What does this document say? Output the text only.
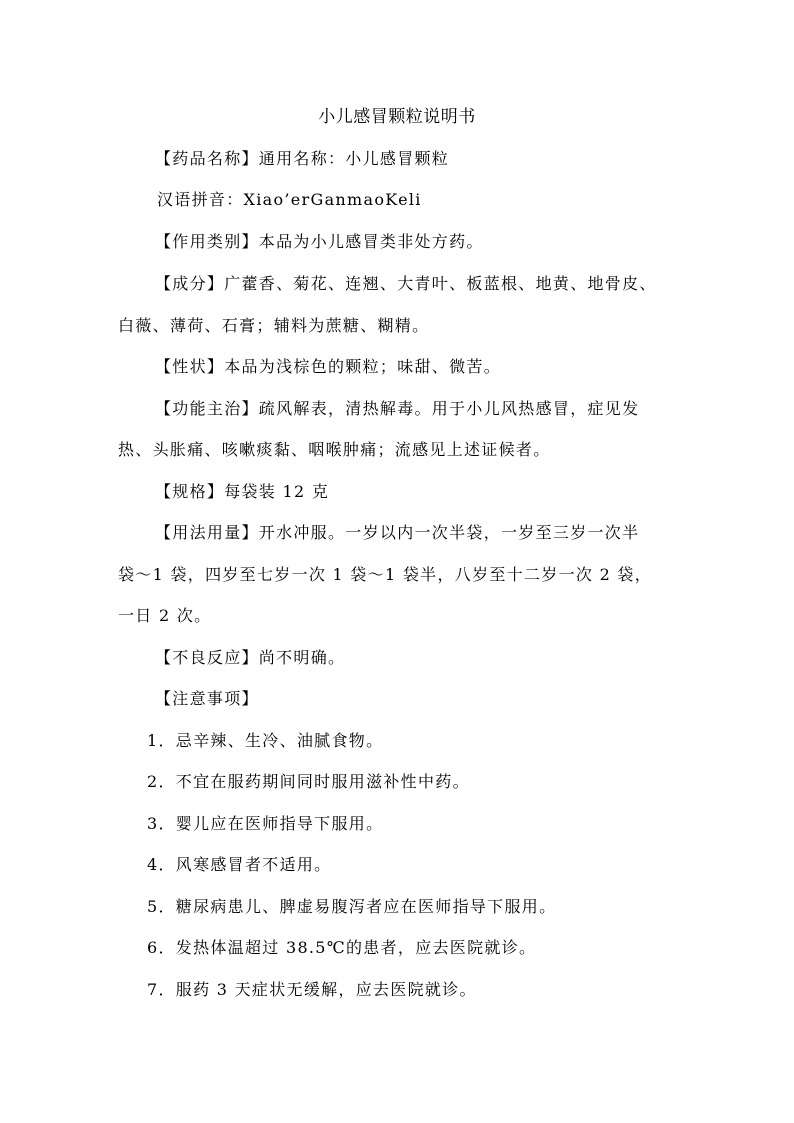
小儿感冒颗粒说明书

【药品名称】通用名称：小儿感冒颗粒

汉语拼音：Xiao’erGanmaoKeli

【作用类别】本品为小儿感冒类非处方药。

【成分】广藿香、菊花、连翘、大青叶、板蓝根、地黄、地骨皮、

白薇、薄荷、石膏；辅料为蔗糖、糊精。

【性状】本品为浅棕色的颗粒；味甜、微苦。

【功能主治】疏风解表，清热解毒。用于小儿风热感冒，症见发

热、头胀痛、咳嗽痰黏、咽喉肿痛；流感见上述证候者。

【规格】每袋装 12 克

【用法用量】开水冲服。一岁以内一次半袋，一岁至三岁一次半

袋～1 袋，四岁至七岁一次 1 袋～1 袋半，八岁至十二岁一次 2 袋，

一日 2 次。

【不良反应】尚不明确。

【注意事项】

1．忌辛辣、生冷、油腻食物。

2．不宜在服药期间同时服用滋补性中药。

3．婴儿应在医师指导下服用。

4．风寒感冒者不适用。

5．糖尿病患儿、脾虚易腹泻者应在医师指导下服用。

6．发热体温超过 38.5℃的患者，应去医院就诊。

7．服药 3 天症状无缓解，应去医院就诊。
